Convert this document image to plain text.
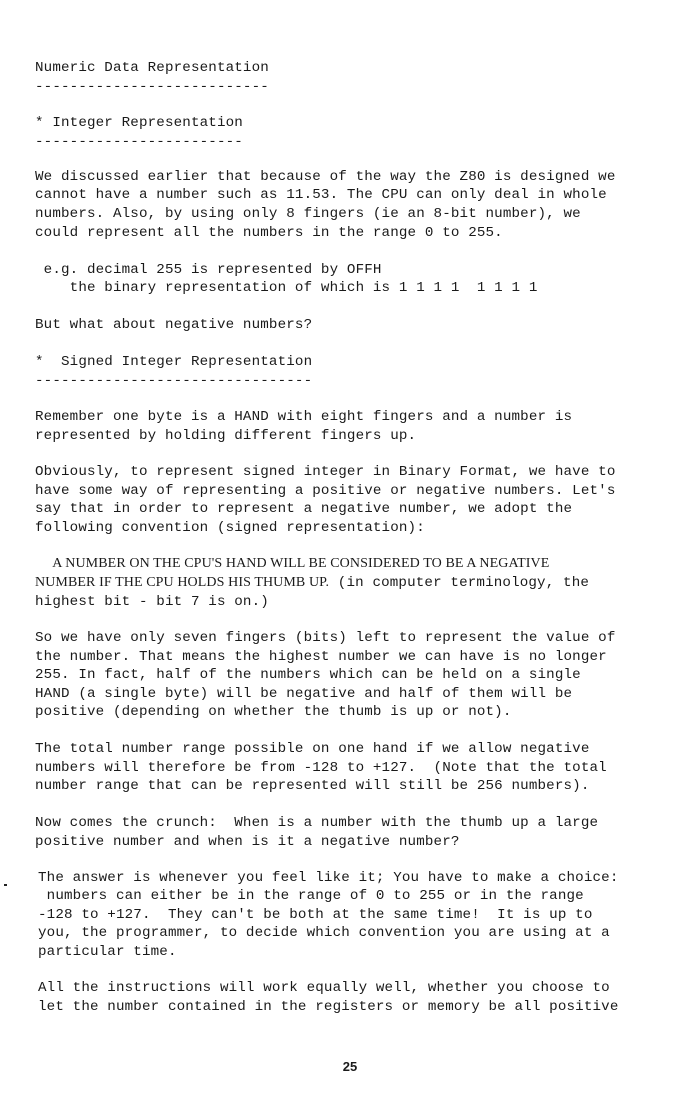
Numeric Data Representation

---------------------------

* Integer Representation

------------------------

We discussed earlier that because of the way the Z80 is designed we

cannot have a number such as 11.53. The CPU can only deal in whole

numbers. Also, by using only 8 fingers (ie an 8-bit number), we

could represent all the numbers in the range 0 to 255.

e.g. decimal 255 is represented by OFFH

the binary representation of which is 1 1 1 1  1 1 1 1

But what about negative numbers?

*  Signed Integer Representation

--------------------------------

Remember one byte is a HAND with eight fingers and a number is

represented by holding different fingers up.

Obviously, to represent signed integer in Binary Format, we have to

have some way of representing a positive or negative numbers. Let's

say that in order to represent a negative number, we adopt the

following convention (signed representation):

A NUMBER ON THE CPU'S HAND WILL BE CONSIDERED TO BE A NEGATIVE

NUMBER IF THE CPU HOLDS HIS THUMB UP. (in computer terminology, the

highest bit - bit 7 is on.)

So we have only seven fingers (bits) left to represent the value of

the number. That means the highest number we can have is no longer

255. In fact, half of the numbers which can be held on a single

HAND (a single byte) will be negative and half of them will be

positive (depending on whether the thumb is up or not).

The total number range possible on one hand if we allow negative

numbers will therefore be from -128 to +127.  (Note that the total

number range that can be represented will still be 256 numbers).

Now comes the crunch:  When is a number with the thumb up a large

positive number and when is it a negative number?

The answer is whenever you feel like it; You have to make a choice:

numbers can either be in the range of 0 to 255 or in the range

-128 to +127.  They can't be both at the same time!  It is up to

you, the programmer, to decide which convention you are using at a

particular time.

All the instructions will work equally well, whether you choose to

let the number contained in the registers or memory be all positive

25
